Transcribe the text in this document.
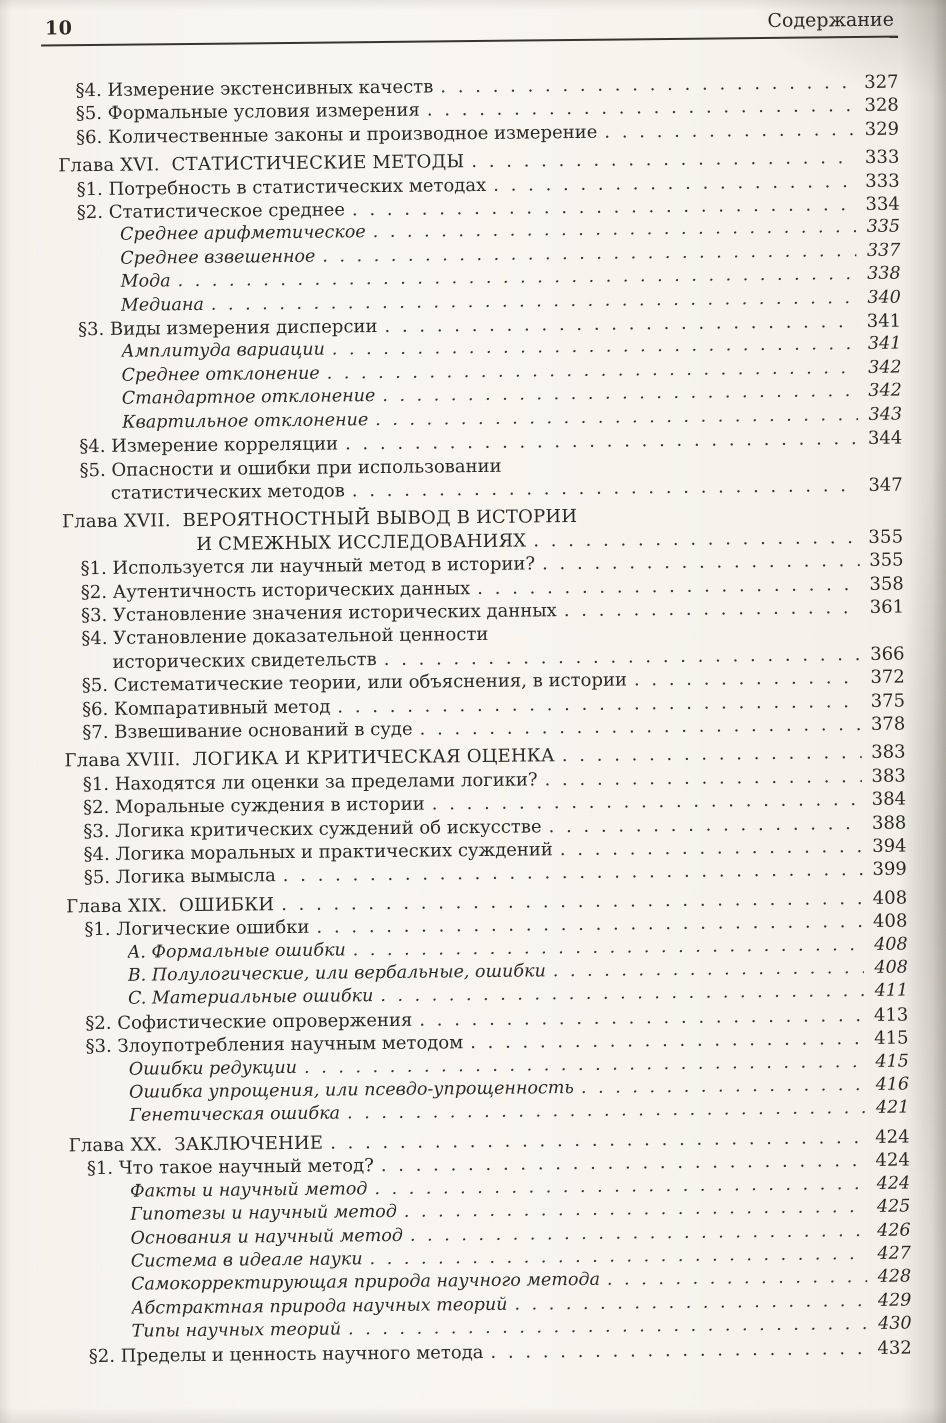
10	Содержание
§4. Измерение экстенсивных качеств . . .	327
§5. Формальные условия измерения . . .	328
§6. Количественные законы и производное измерение . . .	329
Глава XVI.  СТАТИСТИЧЕСКИЕ МЕТОДЫ . . .	333
§1. Потребность в статистических методах . . .	333
§2. Статистическое среднее . . .	334
Среднее арифметическое . . .	335
Среднее взвешенное . . .	337
Мода . . .	338
Медиана . . .	340
§3. Виды измерения дисперсии . . .	341
Амплитуда вариации . . .	341
Среднее отклонение . . .	342
Стандартное отклонение . . .	342
Квартильное отклонение . . .	343
§4. Измерение корреляции . . .	344
§5. Опасности и ошибки при использовании
статистических методов . . .	347
Глава XVII.  ВЕРОЯТНОСТНЫЙ ВЫВОД В ИСТОРИИ
И СМЕЖНЫХ ИССЛЕДОВАНИЯХ . . .	355
§1. Используется ли научный метод в истории? . . .	355
§2. Аутентичность исторических данных . . .	358
§3. Установление значения исторических данных . . .	361
§4. Установление доказательной ценности
исторических свидетельств . . .	366
§5. Систематические теории, или объяснения, в истории . . .	372
§6. Компаративный метод . . .	375
§7. Взвешивание оснований в суде . . .	378
Глава XVIII.  ЛОГИКА И КРИТИЧЕСКАЯ ОЦЕНКА . . .	383
§1. Находятся ли оценки за пределами логики? . . .	383
§2. Моральные суждения в истории . . .	384
§3. Логика критических суждений об искусстве . . .	388
§4. Логика моральных и практических суждений . . .	394
§5. Логика вымысла . . .	399
Глава XIX.  ОШИБКИ . . .	408
§1. Логические ошибки . . .	408
A. Формальные ошибки . . .	408
B. Полулогические, или вербальные, ошибки . . .	408
C. Материальные ошибки . . .	411
§2. Софистические опровержения . . .	413
§3. Злоупотребления научным методом . . .	415
Ошибки редукции . . .	415
Ошибка упрощения, или псевдо-упрощенность . . .	416
Генетическая ошибка . . .	421
Глава XX.  ЗАКЛЮЧЕНИЕ . . .	424
§1. Что такое научный метод? . . .	424
Факты и научный метод . . .	424
Гипотезы и научный метод . . .	425
Основания и научный метод . . .	426
Система в идеале науки . . .	427
Самокорректирующая природа научного метода . . .	428
Абстрактная природа научных теорий . . .	429
Типы научных теорий . . .	430
§2. Пределы и ценность научного метода . . .	432
